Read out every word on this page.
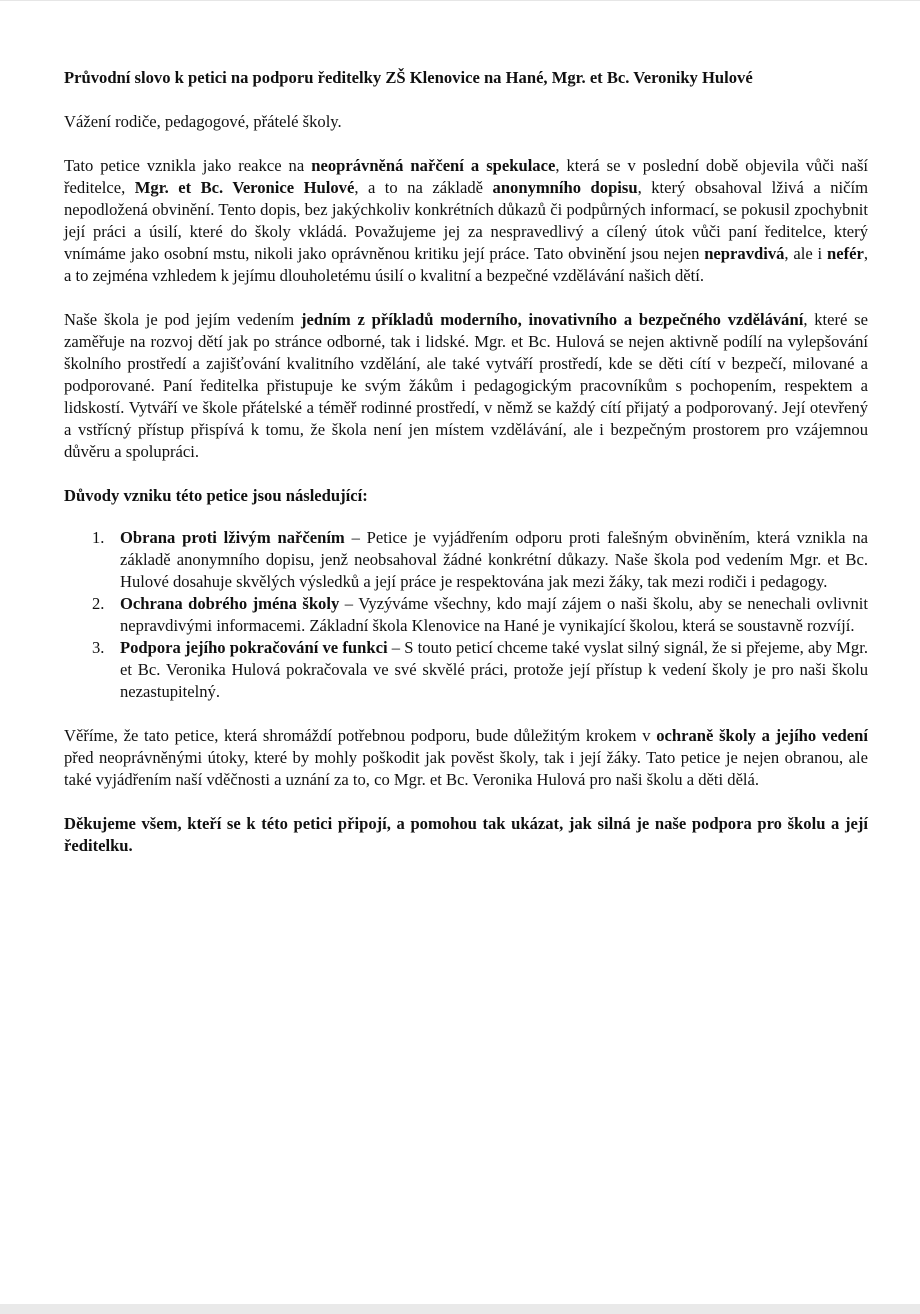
Průvodní slovo k petici na podporu ředitelky ZŠ Klenovice na Hané, Mgr. et Bc. Veroniky Hulové

Vážení rodiče, pedagogové, přátelé školy.

Tato petice vznikla jako reakce na neoprávněná nařčení a spekulace, která se v poslední době objevila vůči naší ředitelce, Mgr. et Bc. Veronice Hulové, a to na základě anonymního dopisu, který obsahoval lživá a ničím nepodložená obvinění. Tento dopis, bez jakýchkoliv konkrétních důkazů či podpůrných informací, se pokusil zpochybnit její práci a úsilí, které do školy vkládá. Považujeme jej za nespravedlivý a cílený útok vůči paní ředitelce, který vnímáme jako osobní mstu, nikoli jako oprávněnou kritiku její práce. Tato obvinění jsou nejen nepravdivá, ale i nefér, a to zejména vzhledem k jejímu dlouholetému úsilí o kvalitní a bezpečné vzdělávání našich dětí.

Naše škola je pod jejím vedením jedním z příkladů moderního, inovativního a bezpečného vzdělávání, které se zaměřuje na rozvoj dětí jak po stránce odborné, tak i lidské. Mgr. et Bc. Hulová se nejen aktivně podílí na vylepšování školního prostředí a zajišťování kvalitního vzdělání, ale také vytváří prostředí, kde se děti cítí v bezpečí, milované a podporované. Paní ředitelka přistupuje ke svým žákům i pedagogickým pracovníkům s pochopením, respektem a lidskostí. Vytváří ve škole přátelské a téměř rodinné prostředí, v němž se každý cítí přijatý a podporovaný. Její otevřený a vstřícný přístup přispívá k tomu, že škola není jen místem vzdělávání, ale i bezpečným prostorem pro vzájemnou důvěru a spolupráci.

Důvody vzniku této petice jsou následující:

1. Obrana proti lživým nařčením – Petice je vyjádřením odporu proti falešným obviněním, která vznikla na základě anonymního dopisu, jenž neobsahoval žádné konkrétní důkazy. Naše škola pod vedením Mgr. et Bc. Hulové dosahuje skvělých výsledků a její práce je respektována jak mezi žáky, tak mezi rodiči i pedagogy.
2. Ochrana dobrého jména školy – Vyzýváme všechny, kdo mají zájem o naši školu, aby se nenechali ovlivnit nepravdivými informacemi. Základní škola Klenovice na Hané je vynikající školou, která se soustavně rozvíjí.
3. Podpora jejího pokračování ve funkci – S touto peticí chceme také vyslat silný signál, že si přejeme, aby Mgr. et Bc. Veronika Hulová pokračovala ve své skvělé práci, protože její přístup k vedení školy je pro naši školu nezastupitelný.

Věříme, že tato petice, která shromáždí potřebnou podporu, bude důležitým krokem v ochraně školy a jejího vedení před neoprávněnými útoky, které by mohly poškodit jak pověst školy, tak i její žáky. Tato petice je nejen obranou, ale také vyjádřením naší vděčnosti a uznání za to, co Mgr. et Bc. Veronika Hulová pro naši školu a děti dělá.

Děkujeme všem, kteří se k této petici připojí, a pomohou tak ukázat, jak silná je naše podpora pro školu a její ředitelku.
